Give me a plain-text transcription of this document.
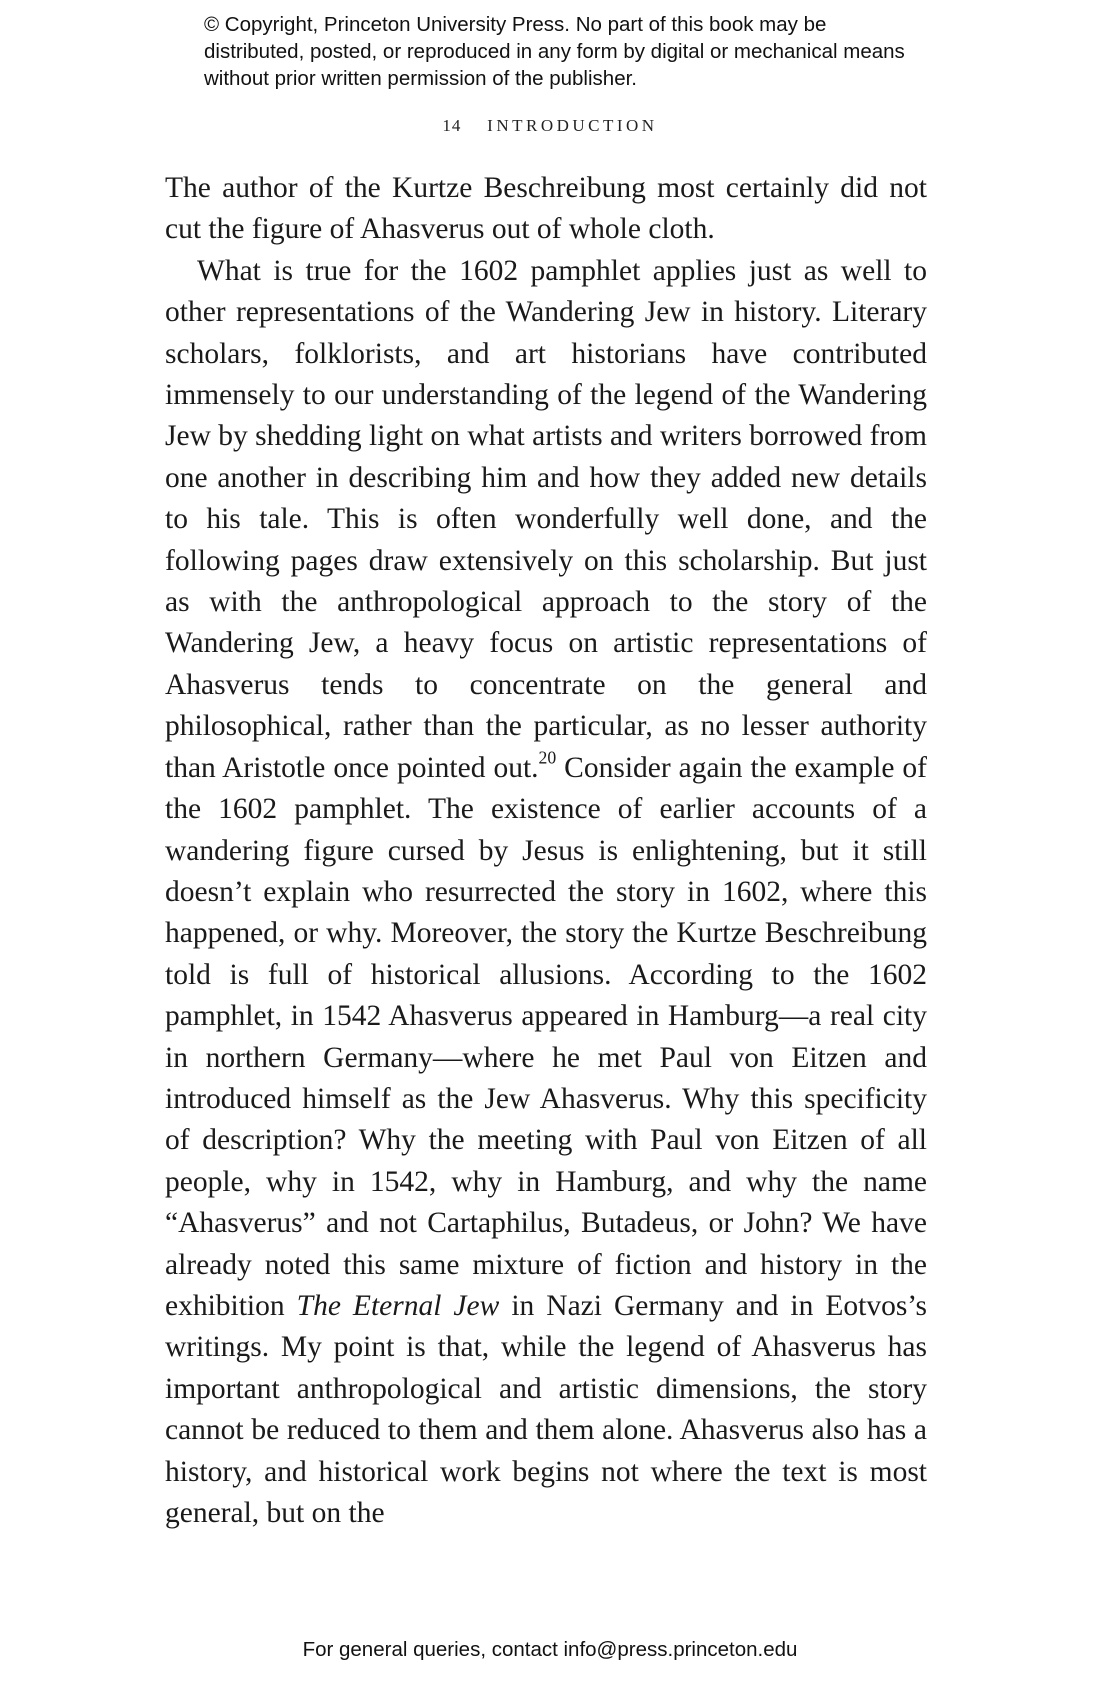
© Copyright, Princeton University Press. No part of this book may be distributed, posted, or reproduced in any form by digital or mechanical means without prior written permission of the publisher.
14 INTRODUCTION

The author of the Kurtze Beschreibung most certainly did not cut the figure of Ahasverus out of whole cloth.

What is true for the 1602 pamphlet applies just as well to other representations of the Wandering Jew in history. Literary scholars, folklorists, and art historians have contributed immensely to our understanding of the legend of the Wandering Jew by shedding light on what artists and writers borrowed from one another in describing him and how they added new details to his tale. This is often wonderfully well done, and the following pages draw extensively on this scholarship. But just as with the anthropological approach to the story of the Wandering Jew, a heavy focus on artistic representations of Ahasverus tends to concentrate on the general and philosophical, rather than the particular, as no lesser authority than Aristotle once pointed out.$^{20}$ Consider again the example of the 1602 pamphlet. The existence of earlier accounts of a wandering figure cursed by Jesus is enlightening, but it still doesn’t explain who resurrected the story in 1602, where this happened, or why. Moreover, the story the Kurtze Beschreibung told is full of historical allusions. According to the 1602 pamphlet, in 1542 Ahasverus appeared in Hamburg—a real city in northern Germany—where he met Paul von Eitzen and introduced himself as the Jew Ahasverus. Why this specificity of description? Why the meeting with Paul von Eitzen of all people, why in 1542, why in Hamburg, and why the name “Ahasverus” and not Cartaphilus, Butadeus, or John? We have already noted this same mixture of fiction and history in the exhibition The Eternal Jew in Nazi Germany and in Eotvos’s writings. My point is that, while the legend of Ahasverus has important anthropological and artistic dimensions, the story cannot be reduced to them and them alone. Ahasverus also has a history, and historical work begins not where the text is most general, but on the

For general queries, contact info@press.princeton.edu
